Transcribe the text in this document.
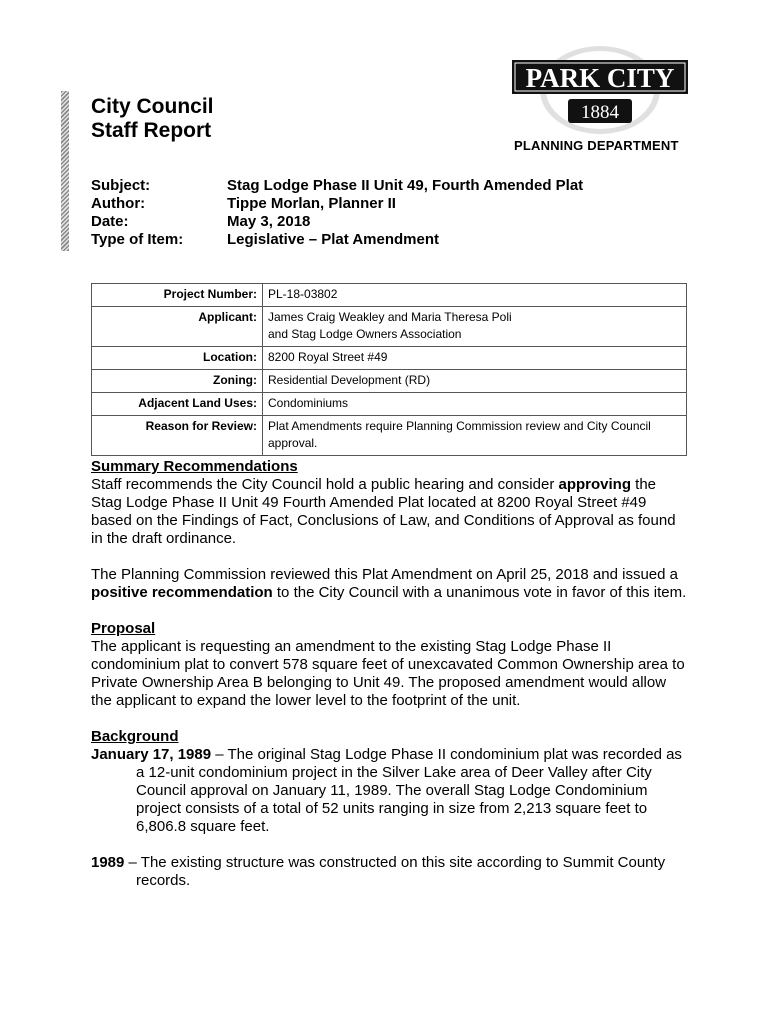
City Council
Staff Report
PARK CITY
1884
PLANNING DEPARTMENT
Subject:	Stag Lodge Phase II Unit 49, Fourth Amended Plat
Author:	Tippe Morlan, Planner II
Date:	May 3, 2018
Type of Item:	Legislative – Plat Amendment
Project Number:	PL-18-03802

Applicant:	James Craig Weakley and Maria Theresa Poli
and Stag Lodge Owners Association

Location:	8200 Royal Street #49

Zoning:	Residential Development (RD)

Adjacent Land Uses:	Condominiums

Reason for Review:	Plat Amendments require Planning Commission review and City Council
approval.
Summary Recommendations

Staff recommends the City Council hold a public hearing and consider approving the Stag Lodge Phase II Unit 49 Fourth Amended Plat located at 8200 Royal Street #49 based on the Findings of Fact, Conclusions of Law, and Conditions of Approval as found in the draft ordinance.

The Planning Commission reviewed this Plat Amendment on April 25, 2018 and issued a positive recommendation to the City Council with a unanimous vote in favor of this item.

Proposal

The applicant is requesting an amendment to the existing Stag Lodge Phase II condominium plat to convert 578 square feet of unexcavated Common Ownership area to Private Ownership Area B belonging to Unit 49. The proposed amendment would allow the applicant to expand the lower level to the footprint of the unit.

Background

January 17, 1989 – The original Stag Lodge Phase II condominium plat was recorded as a 12-unit condominium project in the Silver Lake area of Deer Valley after City Council approval on January 11, 1989. The overall Stag Lodge Condominium project consists of a total of 52 units ranging in size from 2,213 square feet to 6,806.8 square feet.

1989 – The existing structure was constructed on this site according to Summit County records.
